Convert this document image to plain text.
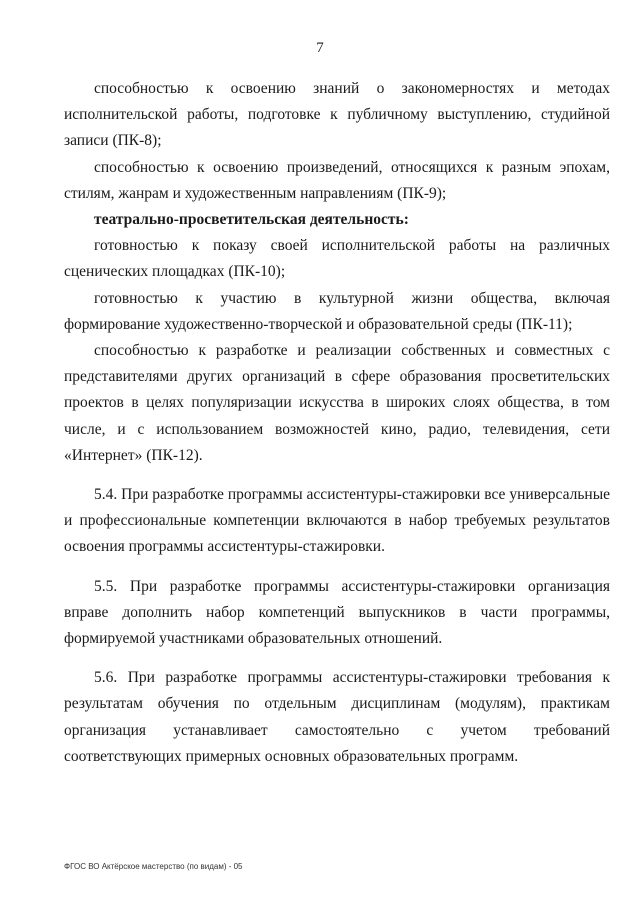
7

способностью к освоению знаний о закономерностях и методах исполнительской работы, подготовке к публичному выступлению, студийной записи (ПК-8);

способностью к освоению произведений, относящихся к разным эпохам, стилям, жанрам и художественным направлениям (ПК-9);

театрально-просветительская деятельность:

готовностью к показу своей исполнительской работы на различных сценических площадках (ПК-10);

готовностью к участию в культурной жизни общества, включая формирование художественно-творческой и образовательной среды (ПК-11);

способностью к разработке и реализации собственных и совместных с представителями других организаций в сфере образования просветительских проектов в целях популяризации искусства в широких слоях общества, в том числе, и с использованием возможностей кино, радио, телевидения, сети «Интернет» (ПК-12).

5.4. При разработке программы ассистентуры-стажировки все универсальные и профессиональные компетенции включаются в набор требуемых результатов освоения программы ассистентуры-стажировки.

5.5. При разработке программы ассистентуры-стажировки организация вправе дополнить набор компетенций выпускников в части программы, формируемой участниками образовательных отношений.

5.6. При разработке программы ассистентуры-стажировки требования к результатам обучения по отдельным дисциплинам (модулям), практикам организация устанавливает самостоятельно с учетом требований соответствующих примерных основных образовательных программ.

ФГОС ВО Актёрское мастерство (по видам) - 05
